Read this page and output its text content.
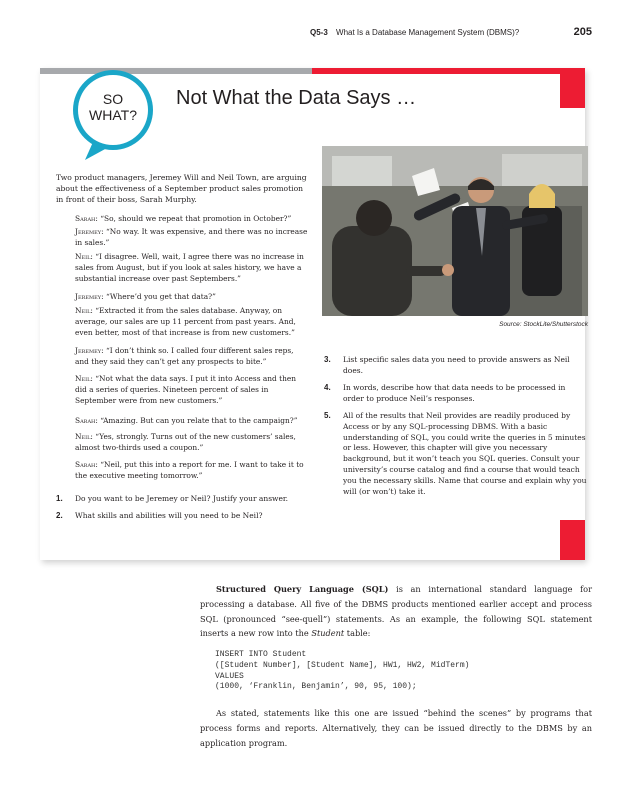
Q5-3 What Is a Database Management System (DBMS)?	205
SO
WHAT?
Not What the Data Says …
Source: StockLite/Shutterstock
Two product managers, Jeremey Will and Neil Town, are arguing about the effectiveness of a September product sales promotion in front of their boss, Sarah Murphy.
Sarah: “So, should we repeat that promotion in October?”
Jeremey: “No way. It was expensive, and there was no increase in sales.”
Neil: “I disagree. Well, wait, I agree there was no increase in sales from August, but if you look at sales history, we have a substantial increase over past Septembers.”
Jeremey: “Where’d you get that data?”
Neil: “Extracted it from the sales database. Anyway, on average, our sales are up 11 percent from past years. And, even better, most of that increase is from new customers.”
Jeremey: “I don’t think so. I called four different sales reps, and they said they can’t get any prospects to bite.”
Neil: “Not what the data says. I put it into Access and then did a series of queries. Nineteen percent of sales in September were from new customers.”
Sarah: “Amazing. But can you relate that to the campaign?”
Neil: “Yes, strongly. Turns out of the new customers’ sales, almost two-thirds used a coupon.”
Sarah: “Neil, put this into a report for me. I want to take it to the executive meeting tomorrow.”
1. Do you want to be Jeremey or Neil? Justify your answer.
2. What skills and abilities will you need to be Neil?
3. List specific sales data you need to provide answers as Neil does.
4. In words, describe how that data needs to be processed in order to produce Neil’s responses.
5. All of the results that Neil provides are readily produced by Access or by any SQL-processing DBMS. With a basic understanding of SQL, you could write the queries in 5 minutes or less. However, this chapter will give you necessary background, but it won’t teach you SQL queries. Consult your university’s course catalog and find a course that would teach you the necessary skills. Name that course and explain why you will (or won’t) take it.
Structured Query Language (SQL) is an international standard language for processing a database. All five of the DBMS products mentioned earlier accept and process SQL (pronounced “see-quell”) statements. As an example, the following SQL statement inserts a new row into the Student table:
INSERT INTO Student
([Student Number], [Student Name], HW1, HW2, MidTerm)
VALUES
(1000, ‘Franklin, Benjamin’, 90, 95, 100);
As stated, statements like this one are issued “behind the scenes” by programs that process forms and reports. Alternatively, they can be issued directly to the DBMS by an application program.
